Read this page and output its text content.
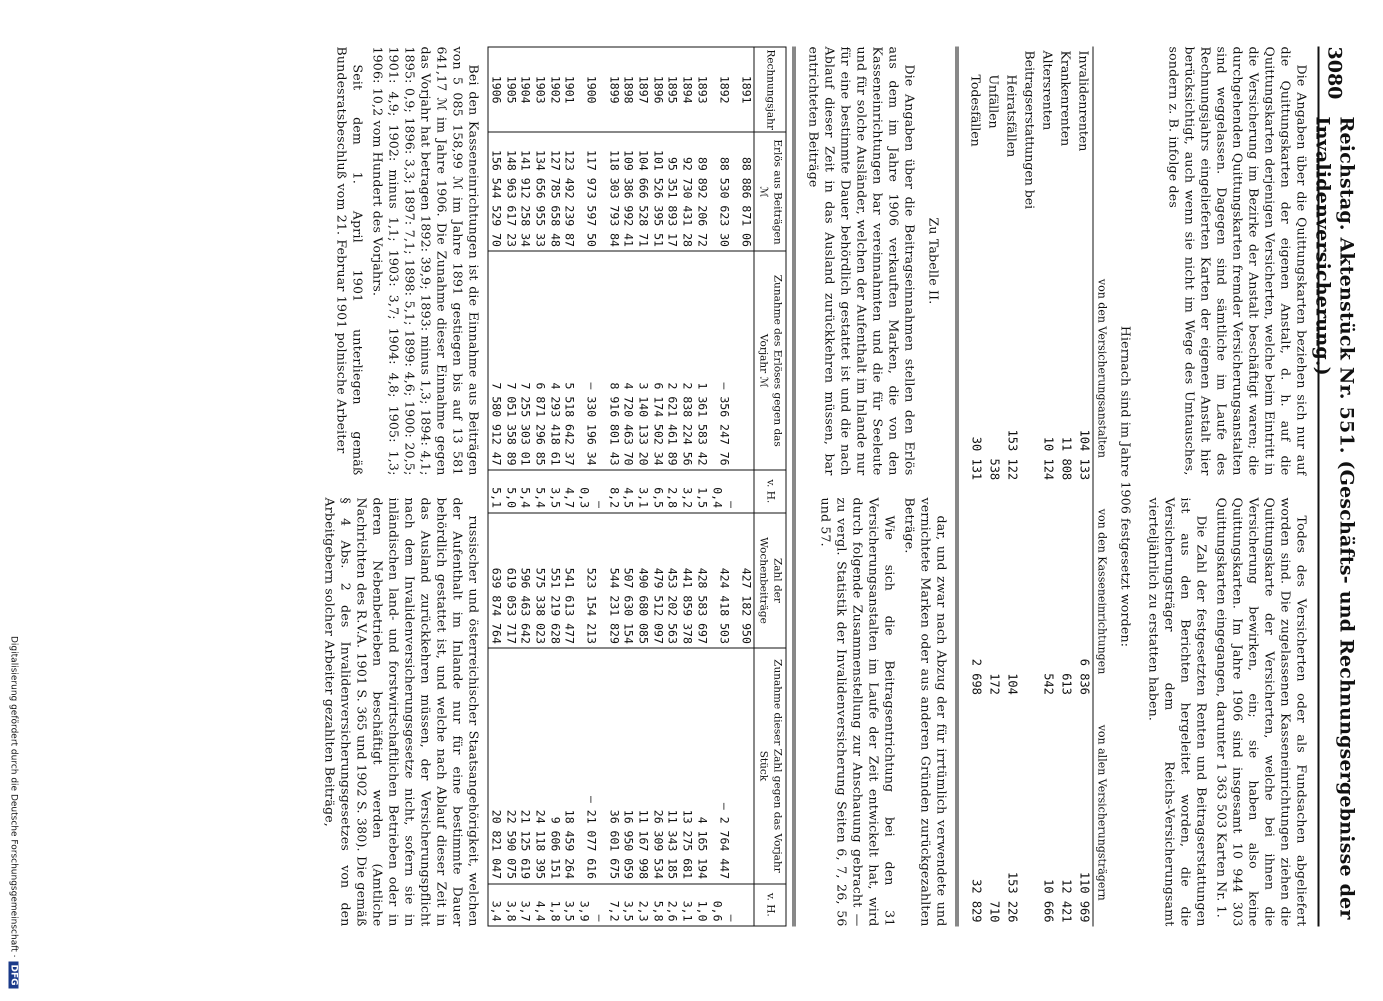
3080
Reichstag. Aktenstück Nr. 551. (Geschäfts- und Rechnungsergebnisse der Invalidenversicherung.)

Die Angaben über die Quittungskarten beziehen sich nur auf die Quittungskarten der eigenen Anstalt, d. h. auf die Quittungskarten derjenigen Versicherten, welche beim Eintritt in die Versicherung im Bezirke der Anstalt beschäftigt waren; die durchgehenden Quittungskarten fremder Versicherungsanstalten sind weggelassen. Dagegen sind sämtliche im Laufe des Rechnungsjahrs eingelieferten Karten der eigenen Anstalt hier berücksichtigt, auch wenn sie nicht im Wege des Umtausches, sondern z. B. infolge des

Todes des Versicherten oder als Fundsachen abgeliefert worden sind. Die zugelassenen Kasseneinrichtungen ziehen die Quittungskarte der Versicherten, welche bei ihnen die Versicherung bewirken, ein; sie haben also keine Quittungskarten. Im Jahre 1906 sind insgesamt 10 944 303 Quittungskarten eingegangen, darunter 1 363 503 Karten Nr. 1.

Die Zahl der festgesetzten Renten und Beitragserstattungen ist aus den Berichten hergeleitet worden, die die Versicherungsträger dem Reichs-Versicherungsamt vierteljährlich zu erstatten haben.

Hiernach sind im Jahre 1906 festgesetzt worden:
	von den Versicherungsanstalten	von den Kasseneinrichtungen	von allen Versicherungsträgern
Invalidenrenten	104 133	6 836	110 969
Krankenrenten	11 808	613	12 421
Altersrenten	10 124	542	10 666
Beitragserstattungen bei			
Heiratsfällen	153 122	104	153 226
Unfällen	538	172	710
Todesfällen	30 131	2 698	32 829
Zu Tabelle II.

Die Angaben über die Beitragseinnahmen stellen den Erlös aus dem im Jahre 1906 verkauften Marken, die von den Kasseneinrichtungen bar vereinnahmten und die für Seeleute und für solche Ausländer, welchen der Aufenthalt im Inlande nur für eine bestimmte Dauer behördlich gestattet ist und die nach Ablauf dieser Zeit in das Ausland zurückkehren müssen, bar entrichteten Beiträge

dar, und zwar nach Abzug der für irrtümlich verwendete und vernichtete Marken oder aus anderen Gründen zurückgezahlten Beträge.

Wie sich die Beitragsentrichtung bei den 31 Versicherungsanstalten im Laufe der Zeit entwickelt hat, wird durch folgende Zusammenstellung zur Anschauung gebracht — zu vergl. Statistik der Invalidenversicherung Seiten 6, 7, 26, 56 und 57.

Rechnungsjahr	Erlös aus Beiträgen ℳ	Zunahme des Erlöses gegen das Vorjahr ℳ	v. H.	Zahl der Wochenbeiträge	Zunahme dieser Zahl gegen das Vorjahr Stück	v. H.
1891	88 886 871 06			427 182 950		
1892	88 530 623 30	— 356 247 76	— 0,4	424 418 503	— 2 764 447	— 0,6
1893	89 892 206 72	1 361 583 42	1,5	428 583 697	4 165 194	1,0
1894	92 730 431 28	2 838 224 56	3,2	441 859 378	13 275 681	3,1
1895	95 351 893 17	2 621 461 89	2,8	453 202 563	11 343 185	2,6
1896	101 526 395 51	6 174 502 34	6,5	479 512 097	26 309 534	5,8
1897	104 666 528 71	3 140 133 20	3,1	490 680 085	11 167 998	2,3
1898	109 386 992 41	4 720 463 70	4,5	507 630 154	16 950 059	3,5
1899	118 303 793 84	8 916 801 43	8,2	544 231 829	36 601 675	7,2
1900	117 973 597 50	— 330 196 34	— 0,3	523 154 213	— 21 077 616	— 3,9
1901	123 492 239 87	5 518 642 37	4,7	541 613 477	18 459 264	3,5
1902	127 785 658 48	4 293 418 61	3,5	551 219 628	9 606 151	1,8
1903	134 656 955 33	6 871 296 85	5,4	575 338 023	24 118 395	4,4
1904	141 912 258 34	7 255 303 01	5,4	596 463 642	21 125 619	3,7
1905	148 963 617 23	7 051 358 89	5,0	619 053 717	22 590 075	3,8
1906	156 544 529 70	7 580 912 47	5,1	639 874 764	20 821 047	3,4

Bei den Kasseneinrichtungen ist die Einnahme aus Beiträgen von 5 085 158,99 ℳ im Jahre 1891 gestiegen bis auf 13 581 641,17 ℳ im Jahre 1906. Die Zunahme dieser Einnahme gegen das Vorjahr hat betragen 1892: 39,9; 1893: minus 1,3; 1894: 4,1; 1895: 0,9; 1896: 3,3; 1897: 7,1; 1898: 5,1; 1899: 4,6; 1900: 20,5; 1901: 4,9; 1902: minus 1,1; 1903: 3,7; 1904: 4,8; 1905: 1,3; 1906: 10,2 vom Hundert des Vorjahrs.

Seit dem 1. April 1901 unterliegen gemäß Bundesratsbeschluß vom 21. Februar 1901 polnische Arbeiter

russischer und österreichischer Staatsangehörigkeit, welchen der Aufenthalt im Inlande nur für eine bestimmte Dauer behördlich gestattet ist, und welche nach Ablauf dieser Zeit in das Ausland zurückkehren müssen, der Versicherungspflicht nach dem Invalidenversicherungsgesetze nicht, sofern sie in inländischen land- und forstwirtschaftlichen Betrieben oder in deren Nebenbetrieben beschäftigt werden (Amtliche Nachrichten des R.V.A. 1901 S. 365 und 1902 S. 380). Die gemäß § 4 Abs. 2 des Invalidenversicherungsgesetzes von den Arbeitgebern solcher Arbeiter gezahlten Beiträge,

Digitalisierung gefördert durch die Deutsche Forschungsgemeinschaft ·DFG
